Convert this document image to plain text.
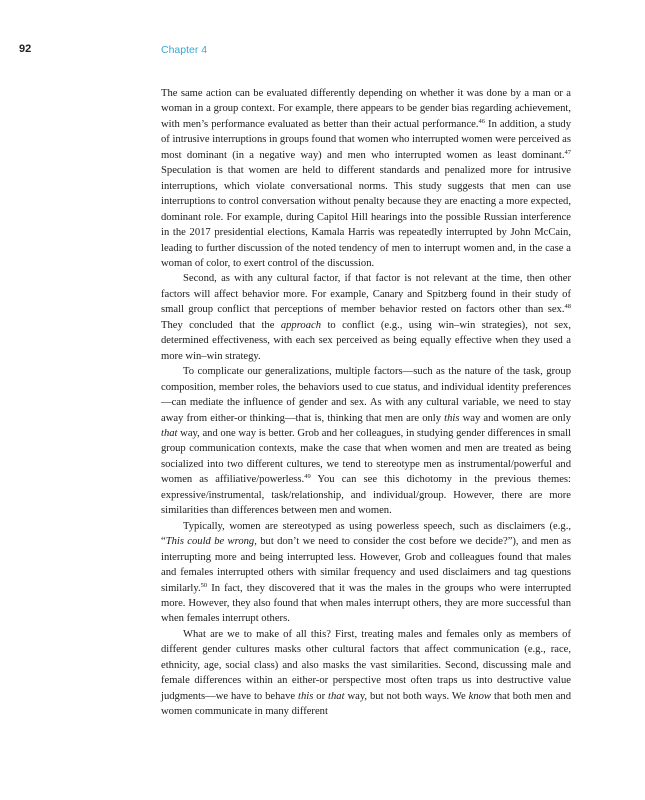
92	Chapter 4

The same action can be evaluated differently depending on whether it was done by a man or a woman in a group context. For example, there appears to be gender bias regarding achievement, with men’s performance evaluated as better than their actual performance.$^{46}$ In addition, a study of intrusive interruptions in groups found that women who interrupted women were perceived as most dominant (in a negative way) and men who interrupted women as least dominant.$^{47}$ Speculation is that women are held to different standards and penalized more for intrusive interruptions, which violate conversational norms. This study suggests that men can use interruptions to control conversation without penalty because they are enacting a more expected, dominant role. For example, during Capitol Hill hearings into the possible Russian interference in the 2017 presidential elections, Kamala Harris was repeatedly interrupted by John McCain, leading to further discussion of the noted tendency of men to interrupt women and, in the case a woman of color, to exert control of the discussion.

Second, as with any cultural factor, if that factor is not relevant at the time, then other factors will affect behavior more. For example, Canary and Spitzberg found in their study of small group conflict that perceptions of member behavior rested on factors other than sex.$^{48}$ They concluded that the approach to conflict (e.g., using win–win strategies), not sex, determined effectiveness, with each sex perceived as being equally effective when they used a more win–win strategy.

To complicate our generalizations, multiple factors—such as the nature of the task, group composition, member roles, the behaviors used to cue status, and individual identity preferences—can mediate the influence of gender and sex. As with any cultural variable, we need to stay away from either-or thinking—that is, thinking that men are only this way and women are only that way, and one way is better. Grob and her colleagues, in studying gender differences in small group communication contexts, make the case that when women and men are treated as being socialized into two different cultures, we tend to stereotype men as instrumental/powerful and women as affiliative/powerless.$^{49}$ You can see this dichotomy in the previous themes: expressive/instrumental, task/relationship, and individual/group. However, there are more similarities than differences between men and women.

Typically, women are stereotyped as using powerless speech, such as disclaimers (e.g., “This could be wrong, but don’t we need to consider the cost before we decide?”), and men as interrupting more and being interrupted less. However, Grob and colleagues found that males and females interrupted others with similar frequency and used disclaimers and tag questions similarly.$^{50}$ In fact, they discovered that it was the males in the groups who were interrupted more. However, they also found that when males interrupt others, they are more successful than when females interrupt others.

What are we to make of all this? First, treating males and females only as members of different gender cultures masks other cultural factors that affect communication (e.g., race, ethnicity, age, social class) and also masks the vast similarities. Second, discussing male and female differences within an either-or perspective most often traps us into destructive value judgments—we have to behave this or that way, but not both ways. We know that both men and women communicate in many different
